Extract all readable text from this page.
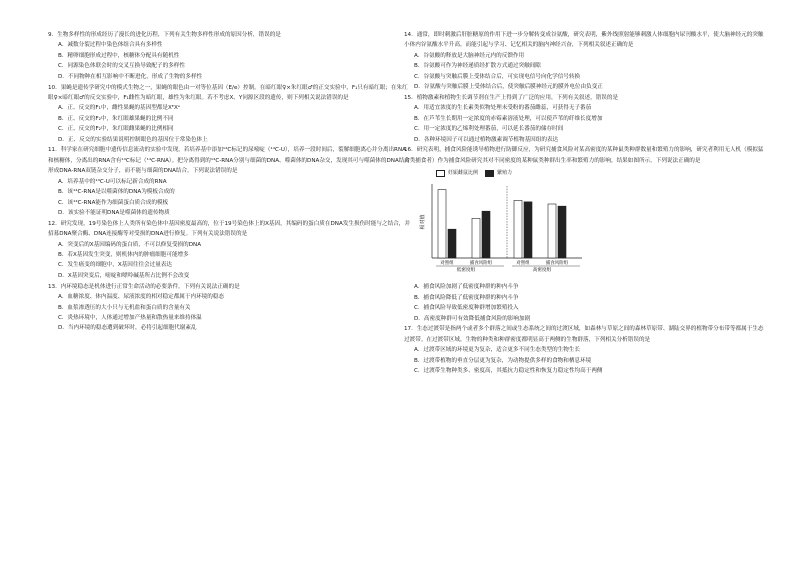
9．生物多样性的形成经历了漫长的进化历程，下列有关生物多样性形成的原因分析，错误的是
A．减数分裂过程中染色体组合具有多样性
B．精卵细胞形成过程中，核糖体分配具有随机性
C．同源染色体联会时的交叉互换导致配子的多样性
D．不同物种在相互影响中不断进化，形成了生物的多样性
10．果蝇是遗传学研究中的模式生物之一，果蝇的眼色由一对等位基因（E/e）控制。在暗红眼♀×朱红眼♂的正交实验中，F₁只有暗红眼；在朱红眼♀×暗红眼♂的反交实验中，F₁雌性为暗红眼，雄性为朱红眼。若不考虑X、Y同源区段的遗传，则下列相关说法错误的是
A．正、反交的F₁中，雌性果蝇的基因型都是XᴱXᵉ
B．正、反交的F₂中，朱红眼雄果蝇的比例不同
C．正、反交的F₂中，朱红眼雌果蝇的比例相同
D．正、反交的实验结果说明控制眼色的基因位于常染色体上
11．科学家在研究细胞中遗传信息流动的实验中发现，若培养基中添加¹⁴C标记的尿嘧啶（¹⁴C-U），培养一段时间后，裂解细胞离心并分离出RNA和核糖体，分离出的RNA含有¹⁴C标记（¹⁴C-RNA）。把分离得到的¹⁴C-RNA分别与细菌的DNA、噬菌体的DNA杂交，发现其可与噬菌体的DNA结合形成DNA-RNA双链杂交分子，而不能与细菌的DNA结合。下列说法错误的是
A．培养基中的¹⁴C-U可以标记新合成的RNA
B．该¹⁴C-RNA是以噬菌体的DNA为模板合成的
C．该¹⁴C-RNA能作为细菌蛋白质合成的模板
D．该实验不能证明DNA是噬菌体的遗传物质
12．研究发现，19号染色体上人类所有染色体中基因密度最高的，位于19号染色体上的X基因，其编码的蛋白质在DNA发生损伤时能与之结合，并招募DNA聚合酶、DNA连接酶等对受损的DNA进行修复。下列有关说法错误的是
A．突变后的X基因编码的蛋白质，不可以修复受损的DNA
B．若X基因发生突变，则机体内的肿瘤细胞可能增多
C．发生癌变的细胞中，X基因往往会过量表达
D．X基因突变后，嘧啶和嘌呤碱基所占比例不会改变
13．内环境稳态是机体进行正常生命活动的必要条件。下列有关说法正确的是
A．血糖浓度、体内温度、尿液浓度的相对稳定都属于内环境的稳态
B．血浆渗透压的大小只与无机盐和蛋白质的含量有关
C．炎热环境中，人体通过增加产热量和散热量来维持体温
D．当内环境的稳态遭到破坏时，必将引起细胞代谢紊乱
14．通常，即时刺激后肝脏糖原的作用下进一步分解转变成谷氨酸，研究表明，紫外线照射能够刺激人体细胞内尿刊酸水平，使大脑神经元的突触小体内谷氨酸水平升高，而能引起与学习、记忆相关的脑内神经兴奋，下列相关叙述正确的是
A．谷氨酸的释放是大脑神经元内的反馈作用
B．谷氨酸可作为神经递质经扩散方式通过突触间隙
C．谷氨酸与突触后膜上受体结合后，可实现电信号向化学信号转换
D．谷氨酸与突触后膜上受体结合后，使突触后膜神经元的膜外电位由负变正
15．植物激素和植物生长调节剂在生产上得到了广泛的应用，下列有关叙述，错误的是
A．用适宜浓度的生长素类似物处理未受粉的番茄雌蕊，可获得无子番茄
B．在芦苇生长期用一定浓度的赤霉素溶液处理，可以使芦苇的纤维长度增加
C．用一定浓度的乙烯利处理番茄，可以延长番茄的储存时间
D．各种环境因子可以通过植物激素调节植物基因组的表达
16．研究表明，捕食风险能诱导植物进行防御反应，为研究捕食风险对某高密度的某种鼠类种群数量和繁殖力的影响，研究者利用无人机（模拟猛禽类捕食者）作为捕食风险研究其对不同密度的某种鼠类种群出生率和繁殖力的影响，结果如图所示，下列说法正确的是
妊娠雌鼠比例	繁殖力
相对值
对照组	捕食风险组	对照组	捕食风险组
低密度组	高密度组
A．捕食风险加剧了低密度种群的种内斗争
B．捕食风险降低了低密度种群的种内斗争
C．捕食风险导致低密度种群增加繁殖投入
D．高密度种群可有效降低捕食风险的影响加剧
17．生态过渡带是指两个或者多个群落之间或生态系统之间的过渡区域，如森林与草原之间的森林草原带、湖陆交界的植物带分布带等都属于生态过渡带。在过渡带区域，生物的种类和种群密度都明显高于两侧的生物群落，下列相关分析错误的是
A．过渡带区域的环境更为复杂，适合更多不同生态类型的生物生长
B．过渡带植物的垂直分层更为复杂，为动物提供多样的食物和栖息环境
C．过渡带生物种类多、密度高，其抵抗力稳定性和恢复力稳定性均高于两侧
